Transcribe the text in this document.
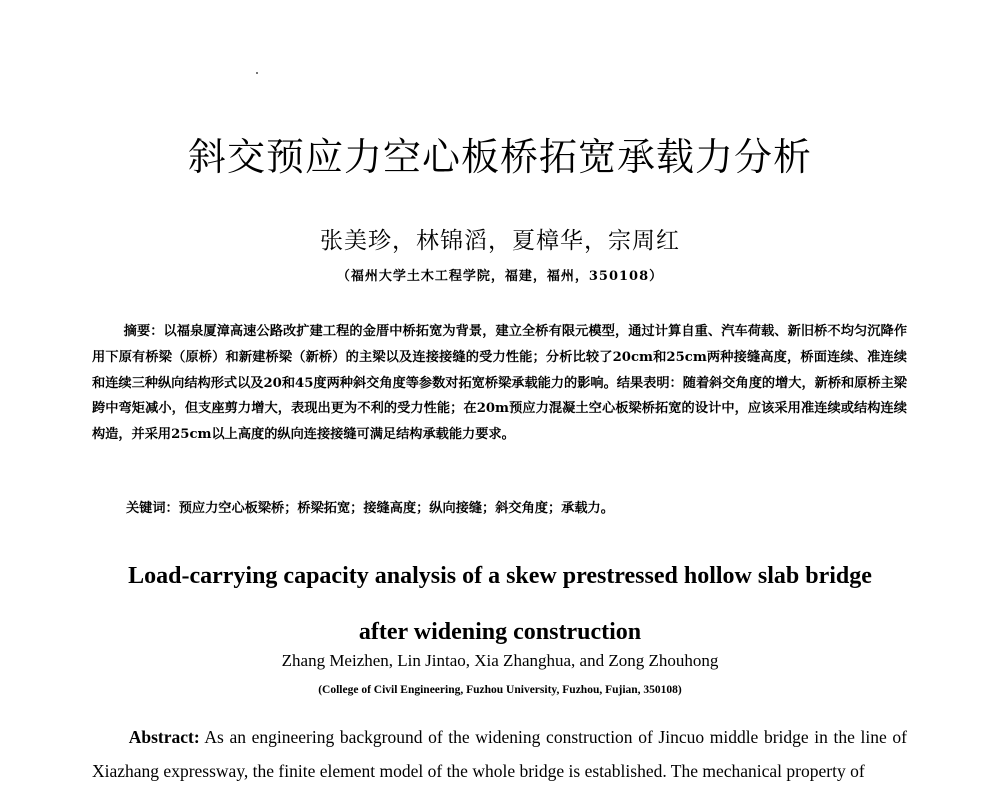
斜交预应力空心板桥拓宽承载力分析
张美珍，林锦滔，夏樟华，宗周红
（福州大学土木工程学院，福建，福州，350108）
摘要：以福泉厦漳高速公路改扩建工程的金厝中桥拓宽为背景，建立全桥有限元模型，通过计算自重、汽车荷载、新旧桥不均匀沉降作用下原有桥梁（原桥）和新建桥梁（新桥）的主梁以及连接接缝的受力性能；分析比较了20cm和25cm两种接缝高度，桥面连续、准连续和连续三种纵向结构形式以及20和45度两种斜交角度等参数对拓宽桥梁承载能力的影响。结果表明：随着斜交角度的增大，新桥和原桥主梁跨中弯矩减小，但支座剪力增大，表现出更为不利的受力性能；在20m预应力混凝土空心板梁桥拓宽的设计中，应该采用准连续或结构连续构造，并采用25cm以上高度的纵向连接接缝可满足结构承载能力要求。
关键词：预应力空心板梁桥；桥梁拓宽；接缝高度；纵向接缝；斜交角度；承载力。
Load-carrying capacity analysis of a skew prestressed hollow slab bridge
after widening construction
Zhang Meizhen, Lin Jintao, Xia Zhanghua, and Zong Zhouhong
(College of Civil Engineering, Fuzhou University, Fuzhou, Fujian, 350108)
Abstract: As an engineering background of the widening construction of Jincuo middle bridge in the line of Xiazhang expressway, the finite element model of the whole bridge is established. The mechanical property of
